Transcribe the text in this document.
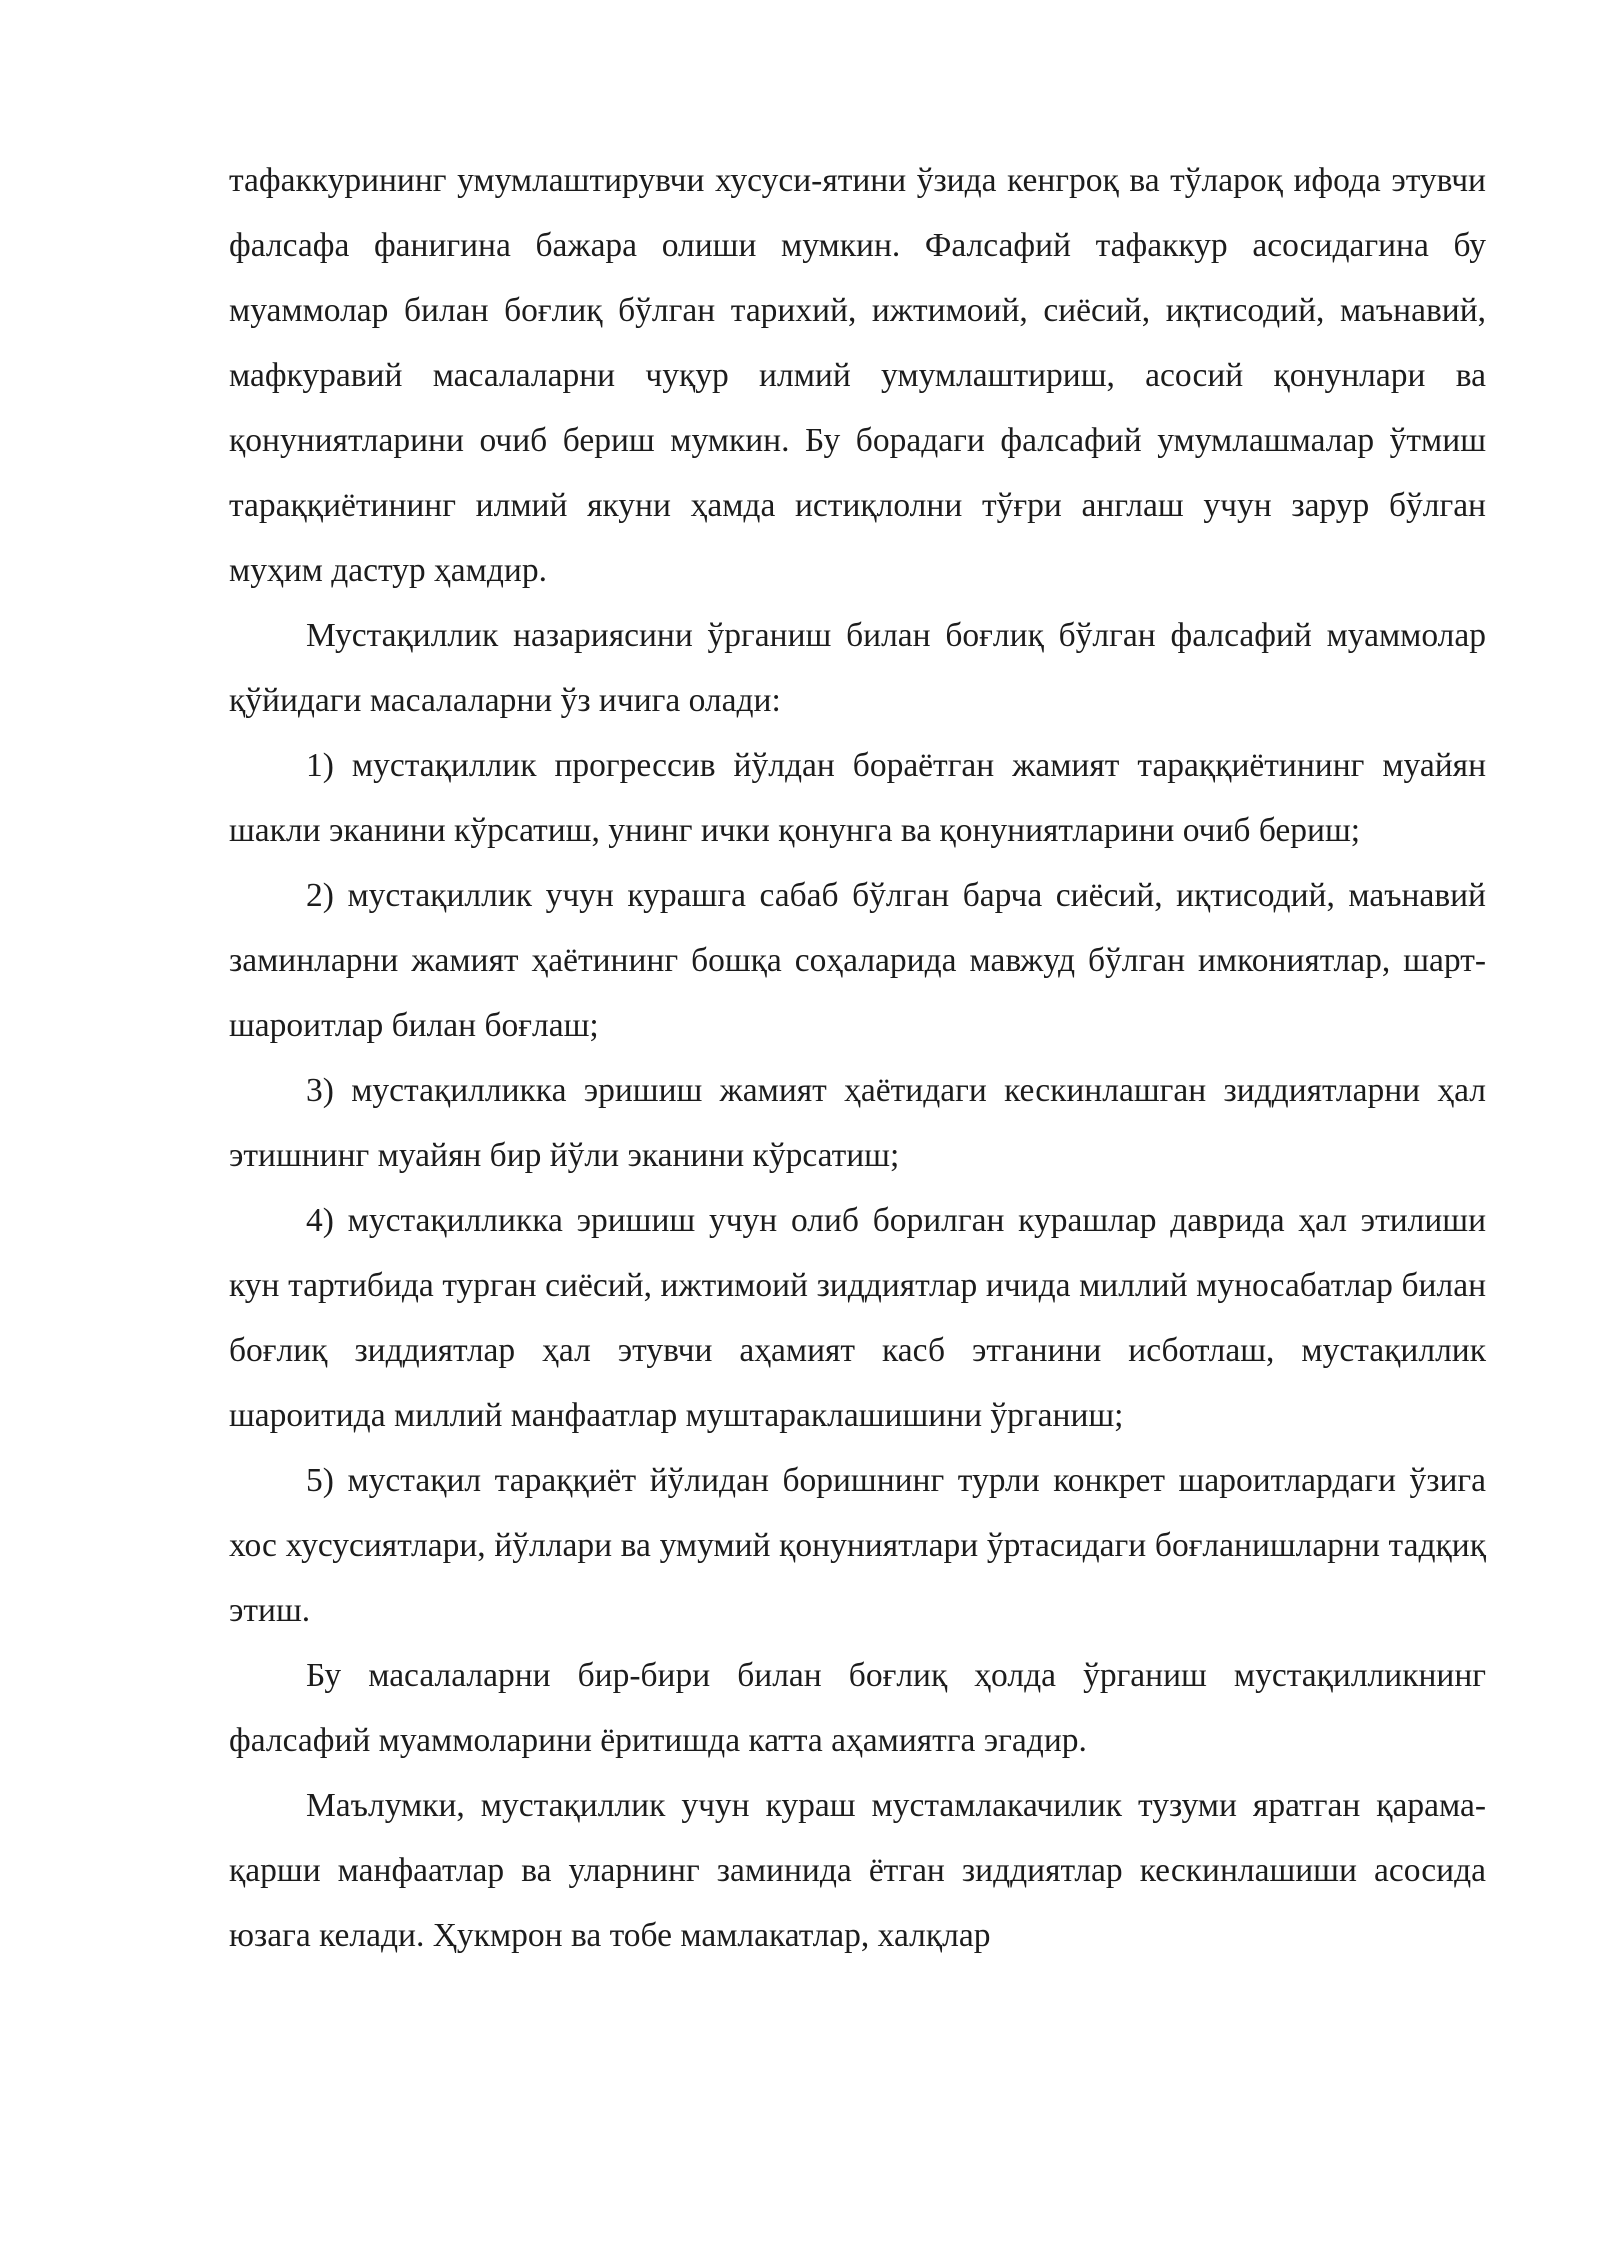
тафаккурининг умумлаштирувчи хусуси-ятини ўзида кенгроқ ва тўлароқ ифода этувчи фалсафа фанигина бажара олиши мумкин. Фалсафий тафаккур асосидагина бу муаммолар билан боғлиқ бўлган тарихий, ижтимоий, сиёсий, иқтисодий, маънавий, мафкуравий масалаларни чуқур илмий умумлаштириш, асосий қонунлари ва қонуниятларини очиб бериш мумкин. Бу борадаги фалсафий умумлашмалар ўтмиш тараққиётининг илмий якуни ҳамда истиқлолни тўғри англаш учун зарур бўлган муҳим дастур ҳамдир.

Мустақиллик назариясини ўрганиш билан боғлиқ бўлган фалсафий муаммолар қўйидаги масалаларни ўз ичига олади:

1) мустақиллик прогрессив йўлдан бораётган жамият тараққиётининг муайян шакли эканини кўрсатиш, унинг ички қонунга ва қонуниятларини очиб бериш;

2) мустақиллик учун курашга сабаб бўлган барча сиёсий, иқтисодий, маънавий заминларни жамият ҳаётининг бошқа соҳаларида мавжуд бўлган имкониятлар, шарт-шароитлар билан боғлаш;

3) мустақилликка эришиш жамият ҳаётидаги кескинлашган зиддиятларни ҳал этишнинг муайян бир йўли эканини кўрсатиш;

4) мустақилликка эришиш учун олиб борилган курашлар даврида ҳал этилиши кун тартибида турган сиёсий, ижтимоий зиддиятлар ичида миллий муносабатлар билан боғлиқ зиддиятлар ҳал этувчи аҳамият касб этганини исботлаш, мустақиллик шароитида миллий манфаатлар муштараклашишини ўрганиш;

5) мустақил тараққиёт йўлидан боришнинг турли конкрет шароитлардаги ўзига хос хусусиятлари, йўллари ва умумий қонуниятлари ўртасидаги боғланишларни тадқиқ этиш.

Бу масалаларни бир-бири билан боғлиқ ҳолда ўрганиш мустақилликнинг фалсафий муаммоларини ёритишда катта аҳамиятга эгадир.

Маълумки, мустақиллик учун кураш мустамлакачилик тузуми яратган қарама-қарши манфаатлар ва уларнинг заминида ётган зиддиятлар кескинлашиши асосида юзага келади. Ҳукмрон ва тобе мамлакатлар, халқлар
